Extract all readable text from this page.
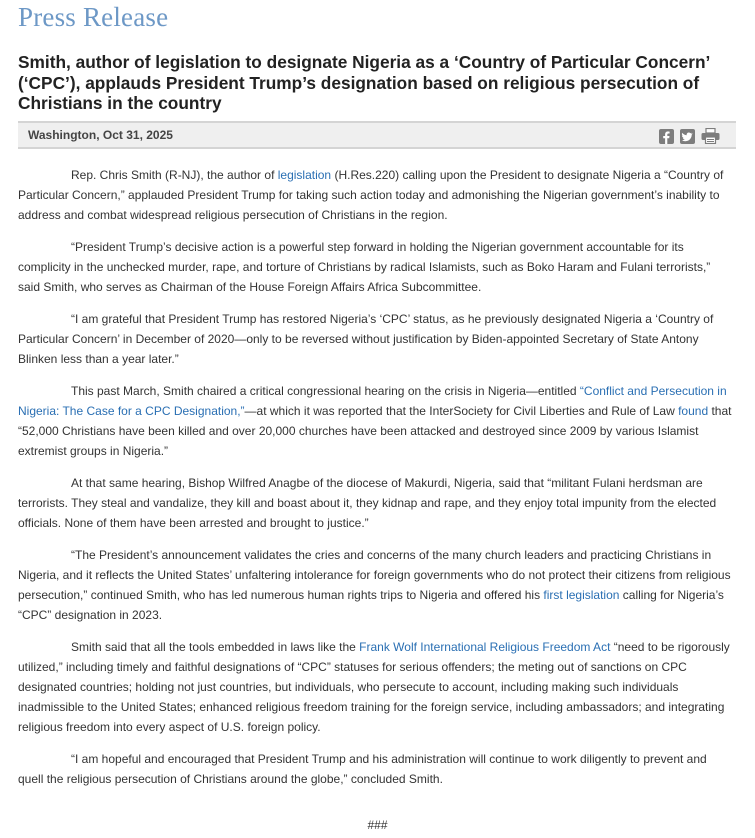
Press Release
Smith, author of legislation to designate Nigeria as a ‘Country of Particular Concern’ (‘CPC’), applauds President Trump’s designation based on religious persecution of Christians in the country
Washington, Oct 31, 2025

Rep. Chris Smith (R-NJ), the author of legislation (H.Res.220) calling upon the President to designate Nigeria a “Country of Particular Concern,” applauded President Trump for taking such action today and admonishing the Nigerian government’s inability to address and combat widespread religious persecution of Christians in the region.

“President Trump’s decisive action is a powerful step forward in holding the Nigerian government accountable for its complicity in the unchecked murder, rape, and torture of Christians by radical Islamists, such as Boko Haram and Fulani terrorists,” said Smith, who serves as Chairman of the House Foreign Affairs Africa Subcommittee.

“I am grateful that President Trump has restored Nigeria’s ‘CPC’ status, as he previously designated Nigeria a ‘Country of Particular Concern’ in December of 2020—only to be reversed without justification by Biden-appointed Secretary of State Antony Blinken less than a year later.”

This past March, Smith chaired a critical congressional hearing on the crisis in Nigeria—entitled “Conflict and Persecution in Nigeria: The Case for a CPC Designation,”—at which it was reported that the InterSociety for Civil Liberties and Rule of Law found that “52,000 Christians have been killed and over 20,000 churches have been attacked and destroyed since 2009 by various Islamist extremist groups in Nigeria.”

At that same hearing, Bishop Wilfred Anagbe of the diocese of Makurdi, Nigeria, said that “militant Fulani herdsman are terrorists. They steal and vandalize, they kill and boast about it, they kidnap and rape, and they enjoy total impunity from the elected officials. None of them have been arrested and brought to justice.”

“The President’s announcement validates the cries and concerns of the many church leaders and practicing Christians in Nigeria, and it reflects the United States’ unfaltering intolerance for foreign governments who do not protect their citizens from religious persecution,” continued Smith, who has led numerous human rights trips to Nigeria and offered his first legislation calling for Nigeria’s “CPC” designation in 2023.

Smith said that all the tools embedded in laws like the Frank Wolf International Religious Freedom Act “need to be rigorously utilized,” including timely and faithful designations of “CPC” statuses for serious offenders; the meting out of sanctions on CPC designated countries; holding not just countries, but individuals, who persecute to account, including making such individuals inadmissible to the United States; enhanced religious freedom training for the foreign service, including ambassadors; and integrating religious freedom into every aspect of U.S. foreign policy.

“I am hopeful and encouraged that President Trump and his administration will continue to work diligently to prevent and quell the religious persecution of Christians around the globe,” concluded Smith.

###
